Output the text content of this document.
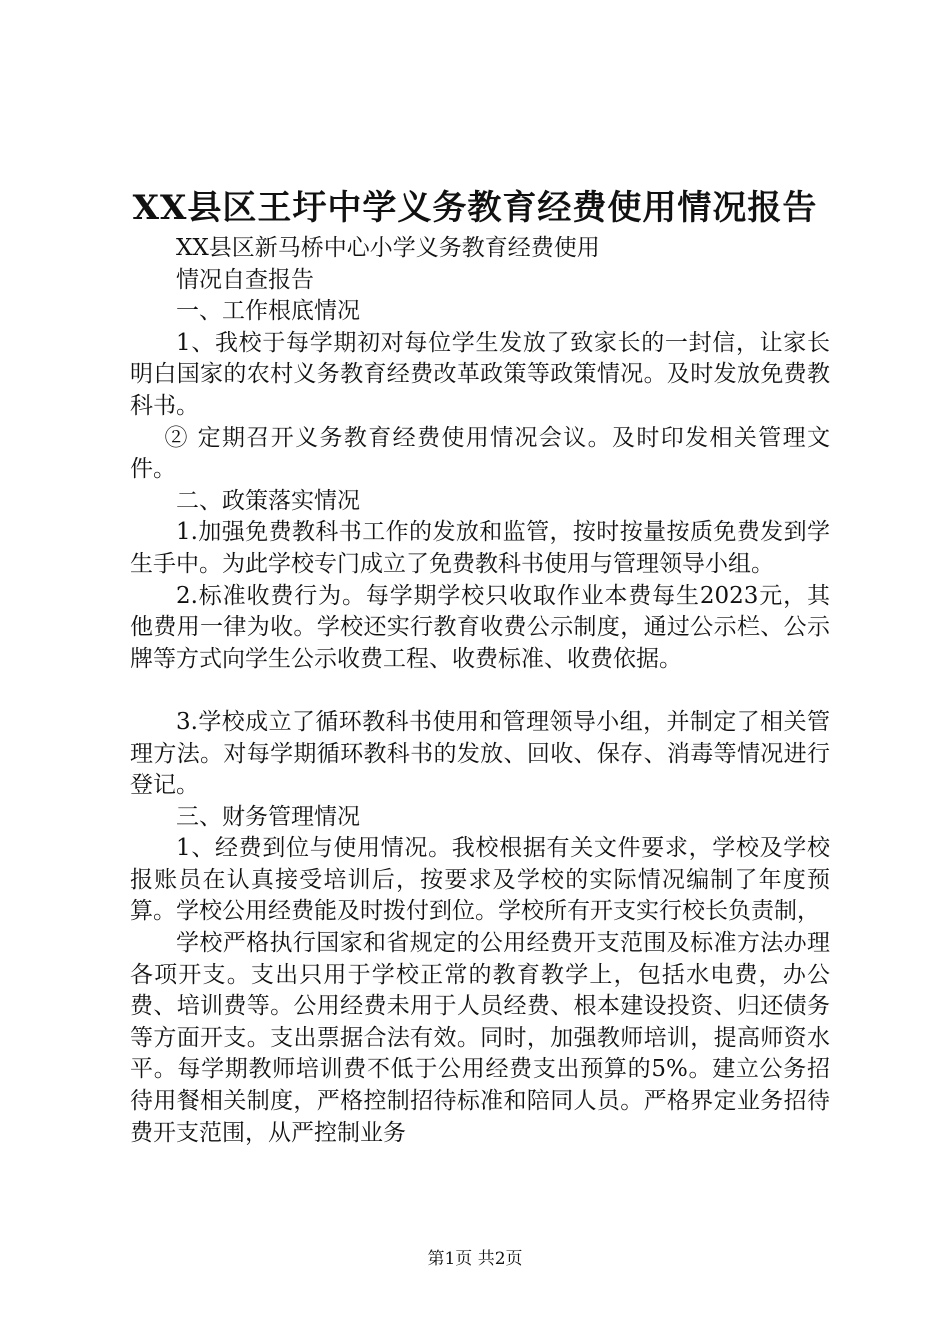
XX县区王圩中学义务教育经费使用情况报告

XX县区新马桥中心小学义务教育经费使用

情况自查报告

一、工作根底情况

1、我校于每学期初对每位学生发放了致家长的一封信，让家长明白国家的农村义务教育经费改革政策等政策情况。及时发放免费教科书。

② 定期召开义务教育经费使用情况会议。及时印发相关管理文件。

二、政策落实情况

1.加强免费教科书工作的发放和监管，按时按量按质免费发到学生手中。为此学校专门成立了免费教科书使用与管理领导小组。

2.标准收费行为。每学期学校只收取作业本费每生2023元，其他费用一律为收。学校还实行教育收费公示制度，通过公示栏、公示牌等方式向学生公示收费工程、收费标准、收费依据。

3.学校成立了循环教科书使用和管理领导小组，并制定了相关管理方法。对每学期循环教科书的发放、回收、保存、消毒等情况进行登记。

三、财务管理情况

1、经费到位与使用情况。我校根据有关文件要求，学校及学校报账员在认真接受培训后，按要求及学校的实际情况编制了年度预算。学校公用经费能及时拨付到位。学校所有开支实行校长负责制，

学校严格执行国家和省规定的公用经费开支范围及标准方法办理各项开支。支出只用于学校正常的教育教学上，包括水电费，办公费、培训费等。公用经费未用于人员经费、根本建设投资、归还债务等方面开支。支出票据合法有效。同时，加强教师培训，提高师资水平。每学期教师培训费不低于公用经费支出预算的5%。建立公务招待用餐相关制度，严格控制招待标准和陪同人员。严格界定业务招待费开支范围，从严控制业务

第1页 共2页
